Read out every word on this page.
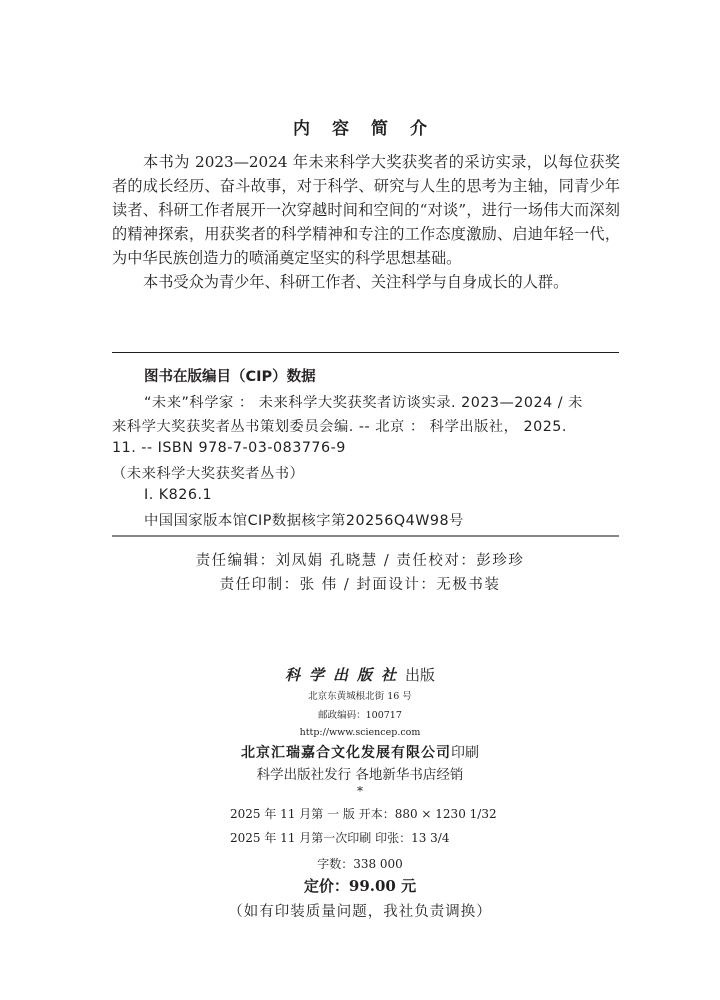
内容简介
本书为 2023—2024 年未来科学大奖获奖者的采访实录，以每位获奖者的成长经历、奋斗故事，对于科学、研究与人生的思考为主轴，同青少年读者、科研工作者展开一次穿越时间和空间的“对谈”，进行一场伟大而深刻的精神探索，用获奖者的科学精神和专注的工作态度激励、启迪年轻一代，为中华民族创造力的喷涌奠定坚实的科学思想基础。
本书受众为青少年、科研工作者、关注科学与自身成长的人群。
图书在版编目（CIP）数据
“未来”科学家 ： 未来科学大奖获奖者访谈实录. 2023—2024 / 未
来科学大奖获奖者丛书策划委员会编. -- 北京 ： 科学出版社， 2025.
11. -- ISBN 978-7-03-083776-9
（未来科学大奖获奖者丛书）
Ⅰ. K826.1
中国国家版本馆CIP数据核字第20256Q4W98号
责任编辑：刘凤娟 孔晓慧 / 责任校对：彭珍珍
责任印制：张 伟 / 封面设计：无极书装
科学出版社出版
北京东黄城根北街 16 号
邮政编码：100717
http://www.sciencep.com
北京汇瑞嘉合文化发展有限公司印刷
科学出版社发行 各地新华书店经销
*
2025 年 11 月第 一 版 开本：880 × 1230 1/32
2025 年 11 月第一次印刷 印张：13 3/4
字数：338 000
定价：99.00 元
（如有印装质量问题，我社负责调换）
